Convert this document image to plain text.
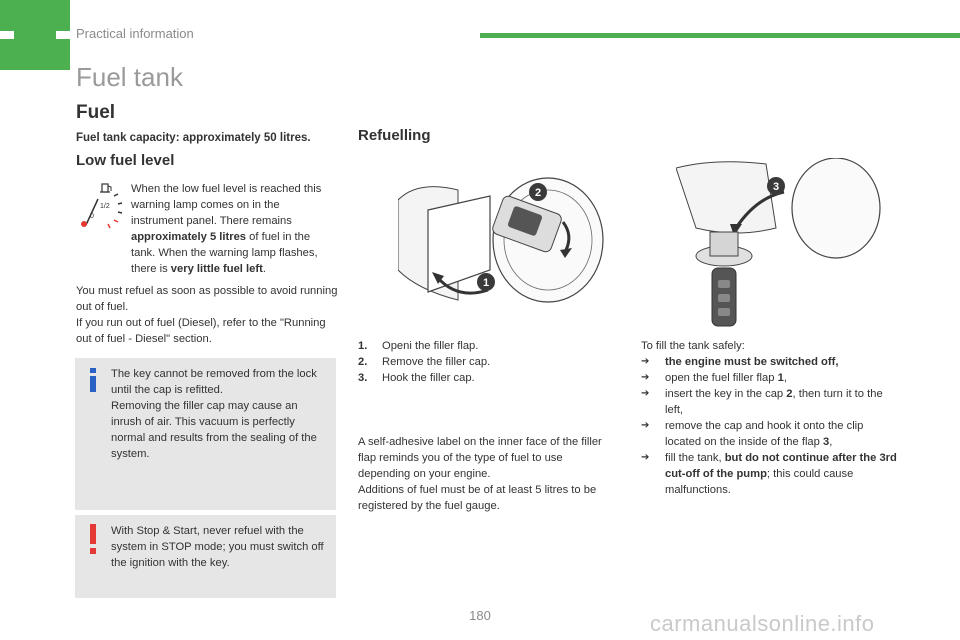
Practical information
Fuel tank
Fuel
Fuel tank capacity: approximately 50 litres.
Low fuel level
1/2
0
When the low fuel level is reached this warning lamp comes on in the instrument panel. There remains approximately 5 litres of fuel in the tank. When the warning lamp flashes, there is very little fuel left.
You must refuel as soon as possible to avoid running out of fuel.
If you run out of fuel (Diesel), refer to the "Running out of fuel - Diesel" section.
The key cannot be removed from the lock until the cap is refitted.
Removing the filler cap may cause an inrush of air. This vacuum is perfectly normal and results from the sealing of the system.
With Stop & Start, never refuel with the system in STOP mode; you must switch off the ignition with the key.
Refuelling
1
2	3
1.	Openi the filler flap.
2.	Remove the filler cap.
3.	Hook the filler cap.
A self-adhesive label on the inner face of the filler flap reminds you of the type of fuel to use depending on your engine.
Additions of fuel must be of at least 5 litres to be registered by the fuel gauge.
To fill the tank safely:
➔	the engine must be switched off,
➔	open the fuel filler flap 1,
➔	insert the key in the cap 2, then turn it to the left,
➔	remove the cap and hook it onto the clip located on the inside of the flap 3,
➔	fill the tank, but do not continue after the 3rd cut-off of the pump; this could cause malfunctions.
180	carmanualsonline.info
